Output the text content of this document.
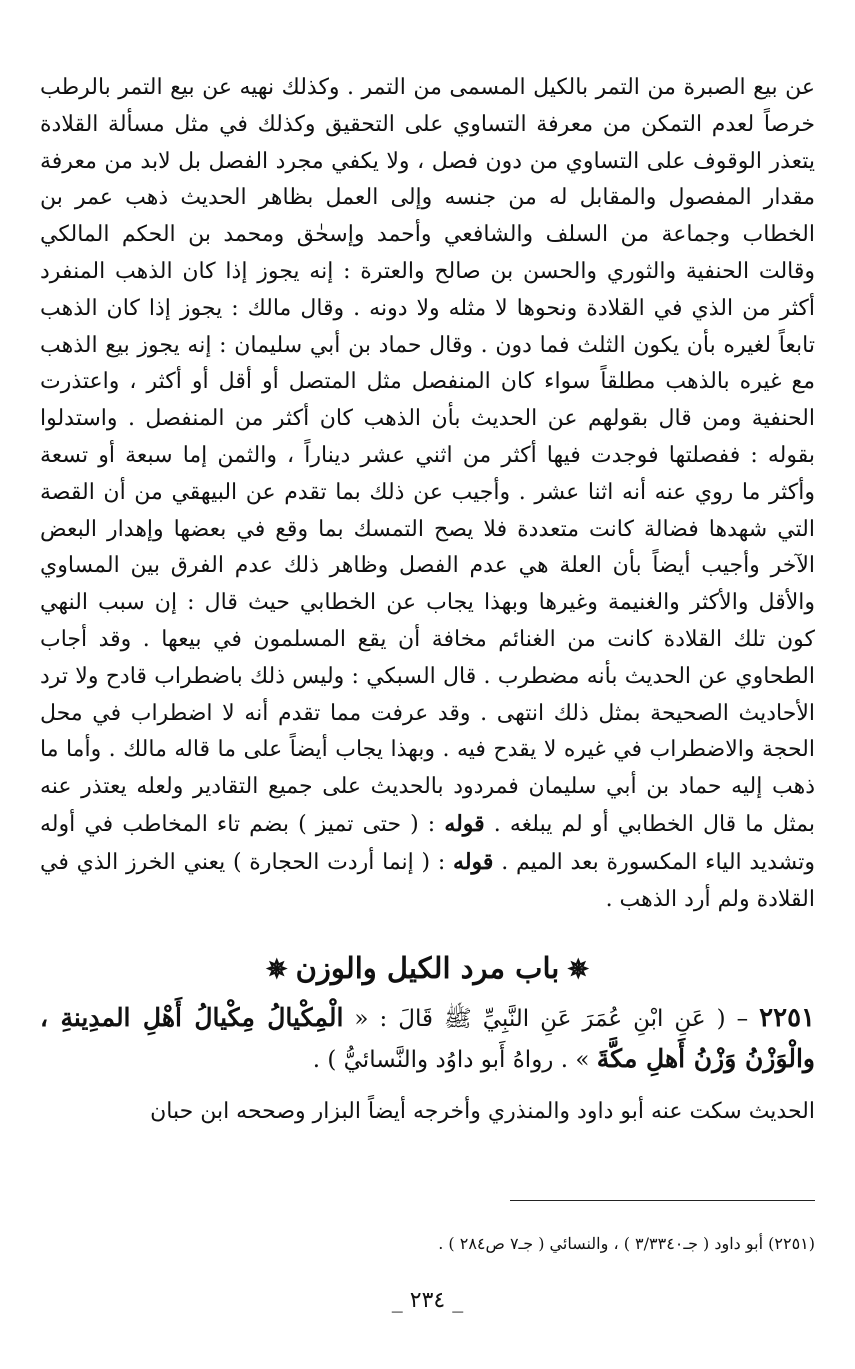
عن بيع الصبرة من التمر بالكيل المسمى من التمر . وكذلك نهيه عن بيع التمر بالرطب خرصاً لعدم التمكن من معرفة التساوي على التحقيق وكذلك في مثل مسألة القلادة يتعذر الوقوف على التساوي من دون فصل ، ولا يكفي مجرد الفصل بل لابد من معرفة مقدار المفصول والمقابل له من جنسه وإلى العمل بظاهر الحديث ذهب عمر بن الخطاب وجماعة من السلف والشافعي وأحمد وإسحٰق ومحمد بن الحكم المالكي وقالت الحنفية والثوري والحسن بن صالح والعترة : إنه يجوز إذا كان الذهب المنفرد أكثر من الذي في القلادة ونحوها لا مثله ولا دونه . وقال مالك : يجوز إذا كان الذهب تابعاً لغيره بأن يكون الثلث فما دون . وقال حماد بن أبي سليمان : إنه يجوز بيع الذهب مع غيره بالذهب مطلقاً سواء كان المنفصل مثل المتصل أو أقل أو أكثر ، واعتذرت الحنفية ومن قال بقولهم عن الحديث بأن الذهب كان أكثر من المنفصل . واستدلوا بقوله : ففصلتها فوجدت فيها أكثر من اثني عشر ديناراً ، والثمن إما سبعة أو تسعة وأكثر ما روي عنه أنه اثنا عشر . وأجيب عن ذلك بما تقدم عن البيهقي من أن القصة التي شهدها فضالة كانت متعددة فلا يصح التمسك بما وقع في بعضها وإهدار البعض الآخر وأجيب أيضاً بأن العلة هي عدم الفصل وظاهر ذلك عدم الفرق بين المساوي والأقل والأكثر والغنيمة وغيرها وبهذا يجاب عن الخطابي حيث قال : إن سبب النهي كون تلك القلادة كانت من الغنائم مخافة أن يقع المسلمون في بيعها . وقد أجاب الطحاوي عن الحديث بأنه مضطرب . قال السبكي : وليس ذلك باضطراب قادح ولا ترد الأحاديث الصحيحة بمثل ذلك انتهى . وقد عرفت مما تقدم أنه لا اضطراب في محل الحجة والاضطراب في غيره لا يقدح فيه . وبهذا يجاب أيضاً على ما قاله مالك . وأما ما ذهب إليه حماد بن أبي سليمان فمردود بالحديث على جميع التقادير ولعله يعتذر عنه بمثل ما قال الخطابي أو لم يبلغه . قوله : ( حتى تميز ) بضم تاء المخاطب في أوله وتشديد الياء المكسورة بعد الميم . قوله : ( إنما أردت الحجارة ) يعني الخرز الذي في القلادة ولم أرد الذهب .

✵باب مرد الكيل والوزن✵

٢٢٥١ – ( عَنِ ابْنِ عُمَرَ عَنِ النَّبِيِّ ﷺ قَالَ : « الْمِكْيالُ مِكْيالُ أَهْلِ المدِينةِ ، والْوَزْنُ وَزْنُ أَهلِ مكَّةَ » . رواهُ أَبو داوُد والنَّسائيُّ ) .

الحديث سكت عنه أبو داود والمنذري وأخرجه أيضاً البزار وصححه ابن حبان
(٢٢٥١) أبو داود ( جـ٣/٣٣٤٠ ) ، والنسائي ( جـ٧ ص٢٨٤ ) .
_ ٢٣٤ _
